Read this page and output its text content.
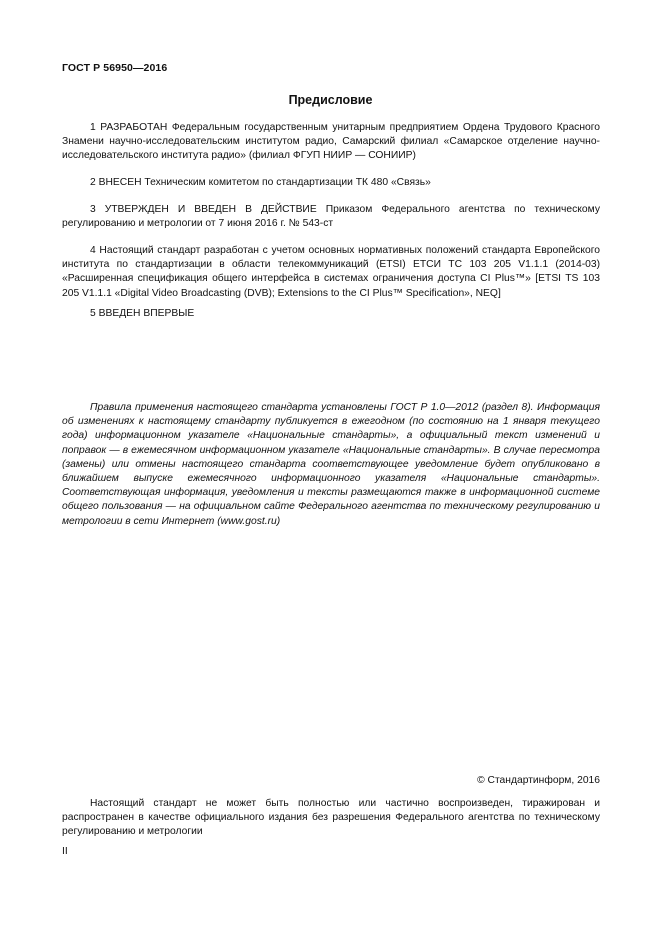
ГОСТ Р 56950—2016
Предисловие

1 РАЗРАБОТАН Федеральным государственным унитарным предприятием Ордена Трудового Красного Знамени научно-исследовательским институтом радио, Самарский филиал «Самарское отделение научно-исследовательского института радио» (филиал ФГУП НИИР — СОНИИР)

2 ВНЕСЕН Техническим комитетом по стандартизации ТК 480 «Связь»

3 УТВЕРЖДЕН И ВВЕДЕН В ДЕЙСТВИЕ Приказом Федерального агентства по техническому регулированию и метрологии от 7 июня 2016 г. № 543-ст

4 Настоящий стандарт разработан с учетом основных нормативных положений стандарта Европейского института по стандартизации в области телекоммуникаций (ETSI) ЕТСИ ТС 103 205 V1.1.1 (2014-03) «Расширенная спецификация общего интерфейса в системах ограничения доступа CI Plus™» [ETSI TS 103 205 V1.1.1 «Digital Video Broadcasting (DVB); Extensions to the CI Plus™ Specification», NEQ]

5 ВВЕДЕН ВПЕРВЫЕ

Правила применения настоящего стандарта установлены ГОСТ Р 1.0—2012 (раздел 8). Информация об изменениях к настоящему стандарту публикуется в ежегодном (по состоянию на 1 января текущего года) информационном указателе «Национальные стандарты», а официальный текст изменений и поправок — в ежемесячном информационном указателе «Национальные стандарты». В случае пересмотра (замены) или отмены настоящего стандарта соответствующее уведомление будет опубликовано в ближайшем выпуске ежемесячного информационного указателя «Национальные стандарты». Соответствующая информация, уведомления и тексты размещаются также в информационной системе общего пользования — на официальном сайте Федерального агентства по техническому регулированию и метрологии в сети Интернет (www.gost.ru)

© Стандартинформ, 2016

Настоящий стандарт не может быть полностью или частично воспроизведен, тиражирован и распространен в качестве официального издания без разрешения Федерального агентства по техническому регулированию и метрологии

II
